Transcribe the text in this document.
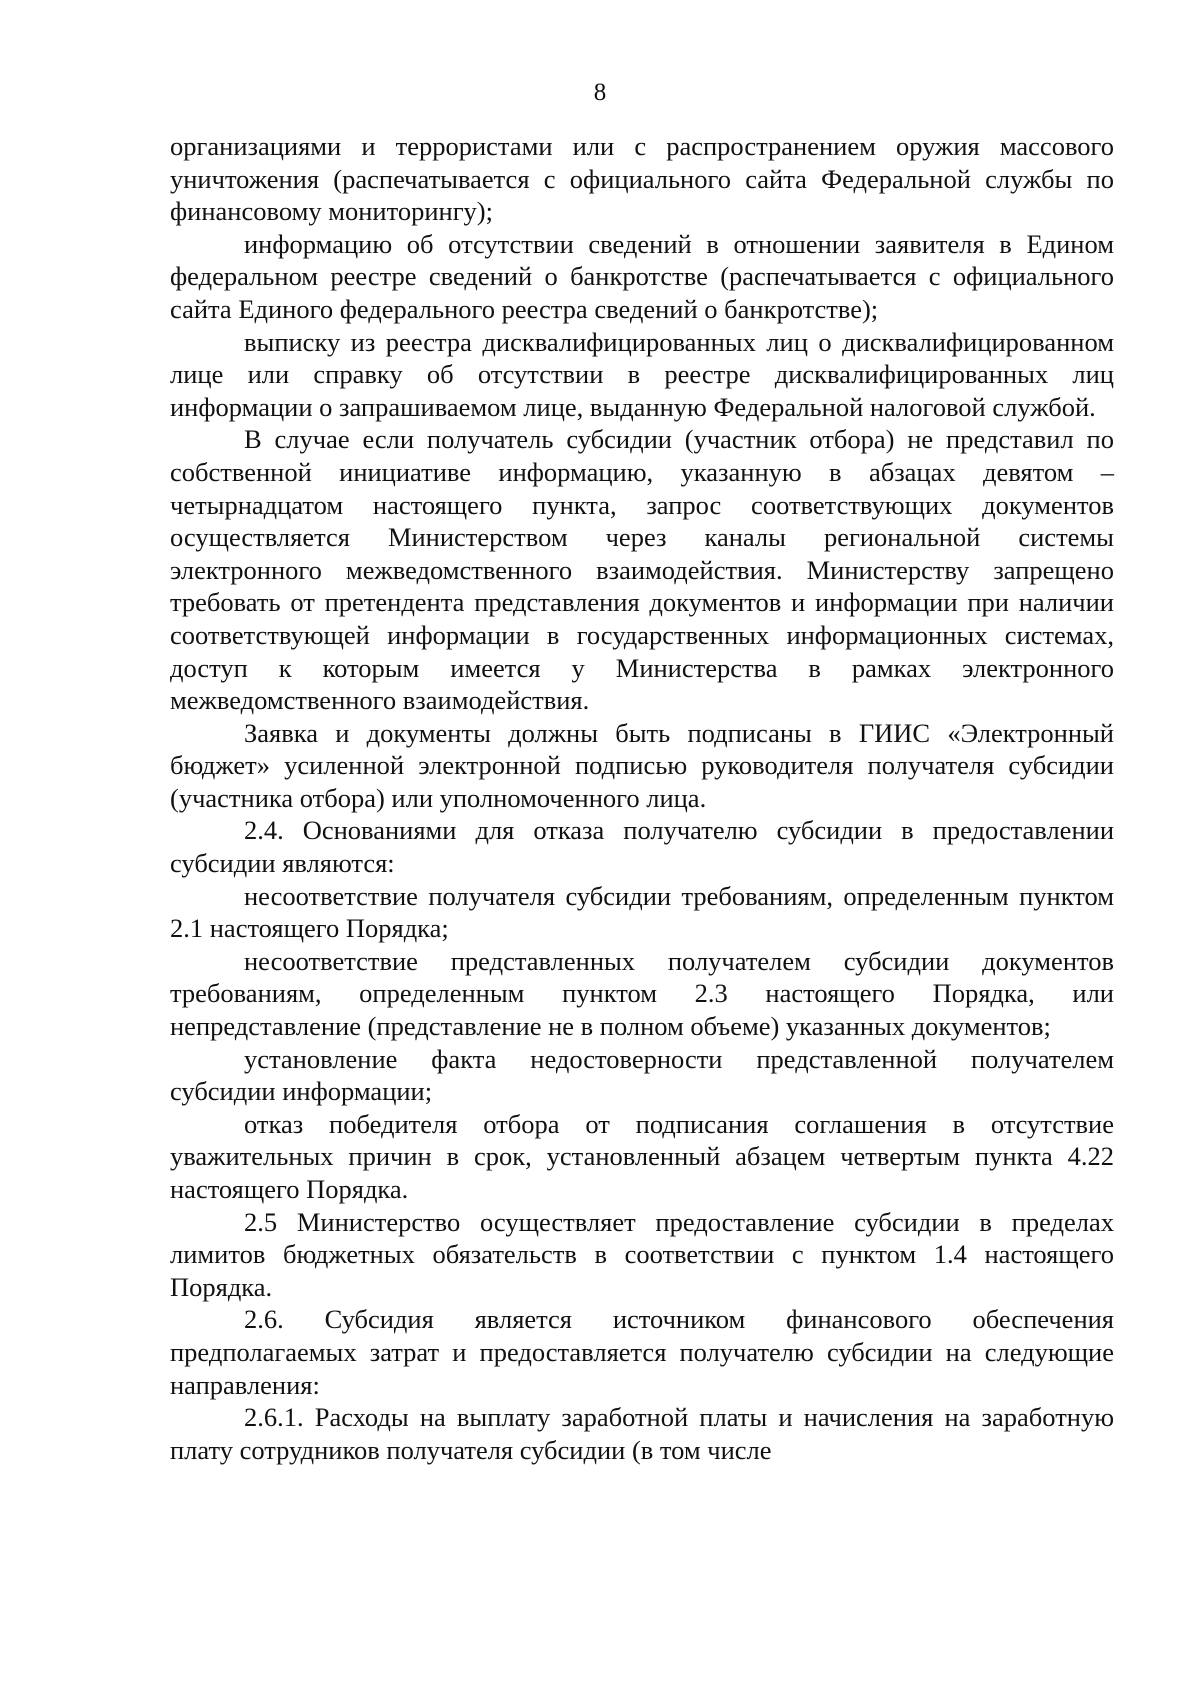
8

организациями и террористами или с распространением оружия массового уничтожения (распечатывается с официального сайта Федеральной службы по финансовому мониторингу);

информацию об отсутствии сведений в отношении заявителя в Едином федеральном реестре сведений о банкротстве (распечатывается с официального сайта Единого федерального реестра сведений о банкротстве);

выписку из реестра дисквалифицированных лиц о дисквалифицированном лице или справку об отсутствии в реестре дисквалифицированных лиц информации о запрашиваемом лице, выданную Федеральной налоговой службой.

В случае если получатель субсидии (участник отбора) не представил по собственной инициативе информацию, указанную в абзацах девятом – четырнадцатом настоящего пункта, запрос соответствующих документов осуществляется Министерством через каналы региональной системы электронного межведомственного взаимодействия. Министерству запрещено требовать от претендента представления документов и информации при наличии соответствующей информации в государственных информационных системах, доступ к которым имеется у Министерства в рамках электронного межведомственного взаимодействия.

Заявка и документы должны быть подписаны в ГИИС «Электронный бюджет» усиленной электронной подписью руководителя получателя субсидии (участника отбора) или уполномоченного лица.

2.4. Основаниями для отказа получателю субсидии в предоставлении субсидии являются:

несоответствие получателя субсидии требованиям, определенным пунктом 2.1 настоящего Порядка;

несоответствие представленных получателем субсидии документов требованиям, определенным пунктом 2.3 настоящего Порядка, или непредставление (представление не в полном объеме) указанных документов;

установление факта недостоверности представленной получателем субсидии информации;

отказ победителя отбора от подписания соглашения в отсутствие уважительных причин в срок, установленный абзацем четвертым пункта 4.22 настоящего Порядка.

2.5 Министерство осуществляет предоставление субсидии в пределах лимитов бюджетных обязательств в соответствии с пунктом 1.4 настоящего Порядка.

2.6. Субсидия является источником финансового обеспечения предполагаемых затрат и предоставляется получателю субсидии на следующие направления:

2.6.1. Расходы на выплату заработной платы и начисления на заработную плату сотрудников получателя субсидии (в том числе
